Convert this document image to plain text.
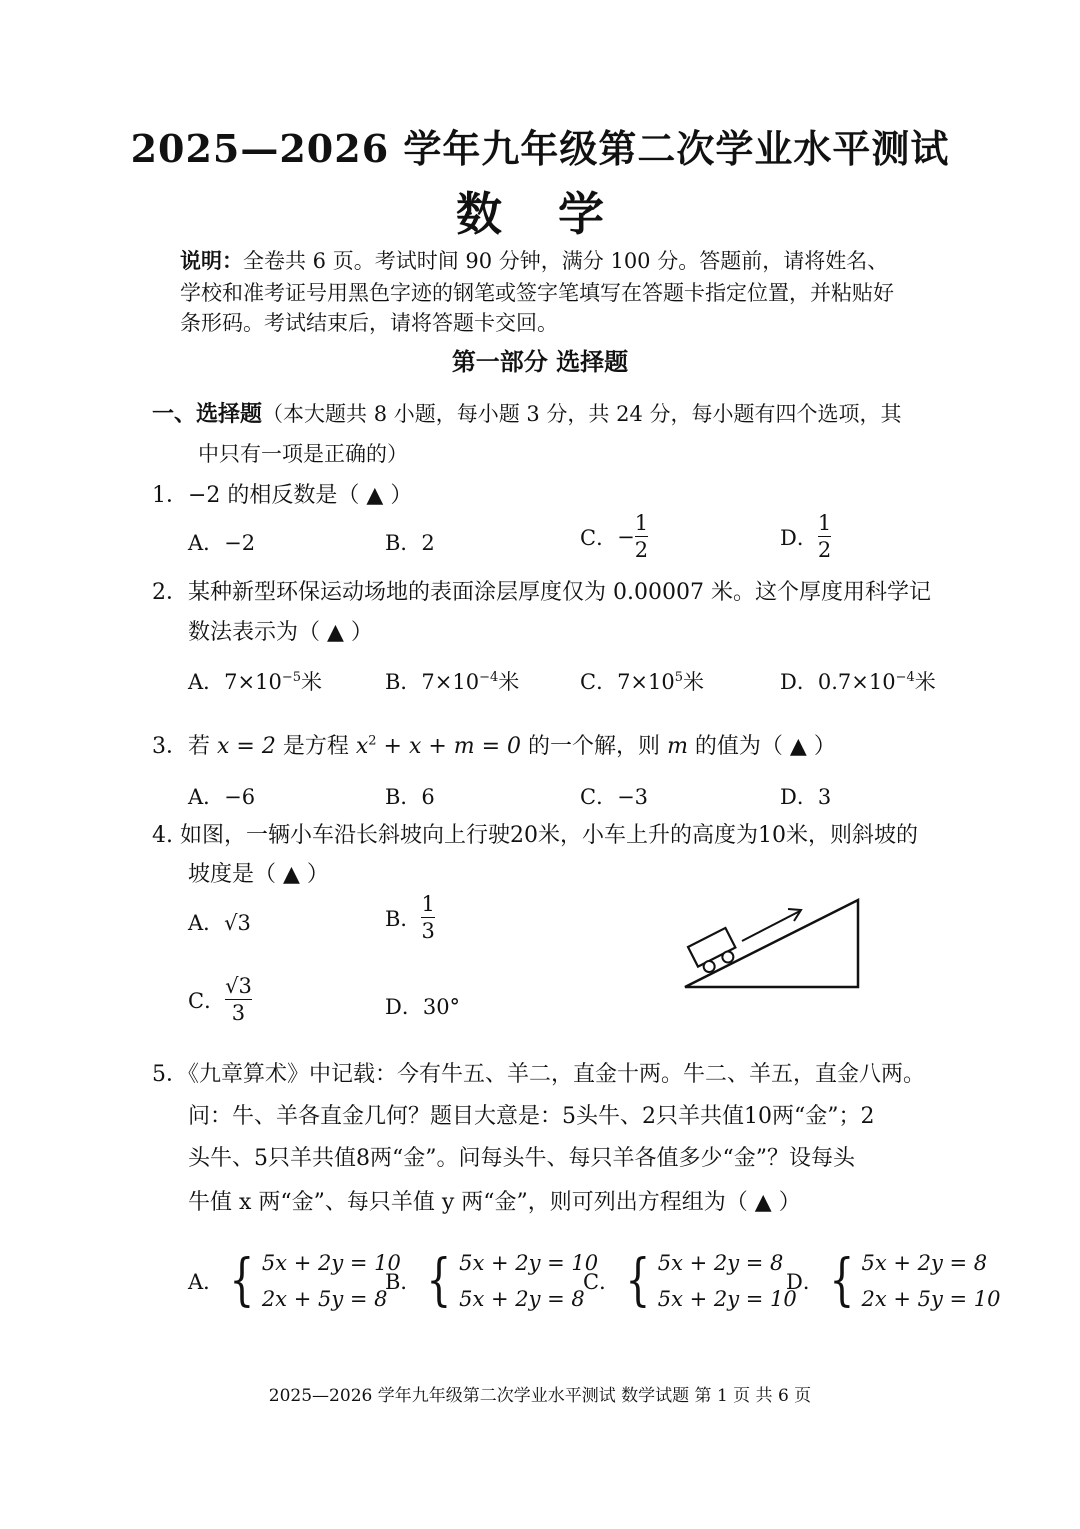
2025—2026 学年九年级第二次学业水平测试
数 学
说明：全卷共 6 页。考试时间 90 分钟，满分 100 分。答题前，请将姓名、
学校和准考证号用黑色字迹的钢笔或签字笔填写在答题卡指定位置，并粘贴好
条形码。考试结束后，请将答题卡交回。
第一部分 选择题
一、选择题（本大题共 8 小题，每小题 3 分，共 24 分，每小题有四个选项，其
中只有一项是正确的）
1．−2 的相反数是（ ▲ ）
A．−2	B．2	C． − $\frac{1}{2}$	D． $\frac{1}{2}$
2．某种新型环保运动场地的表面涂层厚度仅为 0.00007 米。这个厚度用科学记
数法表示为（ ▲ ）
A．$7\times 10^{-5}$米	B．$7\times 10^{-4}$米	C．$7\times 10^5$米	D．$0.7\times 10^{-4}$米
3．若 x = 2 是方程 $x^2 + x + m = 0$ 的一个解，则 m 的值为（ ▲ ）
A．−6	B．6	C．−3	D．3
4. 如图，一辆小车沿长斜坡向上行驶20米，小车上升的高度为10米，则斜坡的
坡度是（ ▲ ）
A．√3	B． $\frac{1}{3}$
C． $\frac{√3}{3}$	D．30°
5．《九章算术》中记载：今有牛五、羊二，直金十两。牛二、羊五，直金八两。
问：牛、羊各直金几何？题目大意是：5头牛、2只羊共值10两“金”；2
头牛、5只羊共值8两“金”。问每头牛、每只羊各值多少“金”？设每头
牛值 x 两“金”、每只羊值 y 两“金”，则可列出方程组为（ ▲ ）
A． { 5x + 2y = 10
2x + 5y = 8
B． { 5x + 2y = 10
5x + 2y = 8
C． { 5x + 2y = 8
5x + 2y = 10
D． { 5x + 2y = 8
2x + 5y = 10
2025—2026 学年九年级第二次学业水平测试 数学试题 第 1 页 共 6 页
